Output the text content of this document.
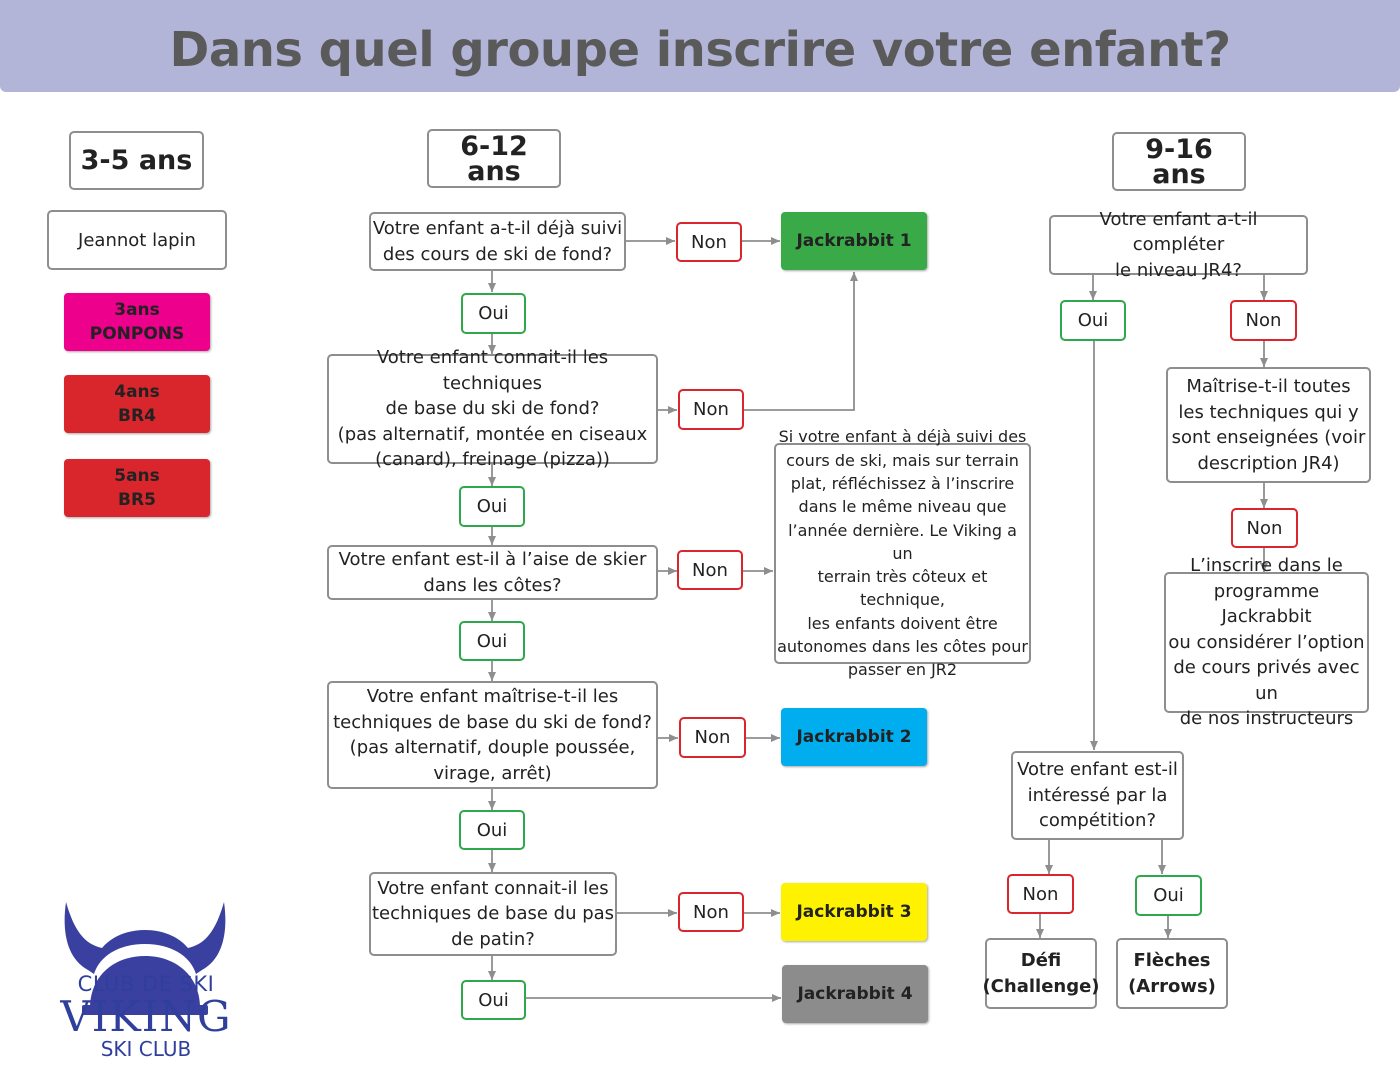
Dans quel groupe inscrire votre enfant?
3-5 ans
Jeannot lapin
3ans
PONPONS
4ans
BR4
5ans
BR5
6-12 ans
Votre enfant a-t-il déjà suivi
des cours de ski de fond?
Non	Jackrabbit 1
Oui
Votre enfant connait-il les techniques
de base du ski de fond?
(pas alternatif, montée en ciseaux
(canard), freinage (pizza))
Non
Oui
Votre enfant est-il à l’aise de skier
dans les côtes?
Non
Si votre enfant à déjà suivi des
cours de ski, mais sur terrain
plat, réfléchissez à l’inscrire
dans le même niveau que
l’année dernière. Le Viking a un
terrain très côteux et technique,
les enfants doivent être
autonomes dans les côtes pour
passer en JR2
Oui
Votre enfant maîtrise-t-il les
techniques de base du ski de fond?
(pas alternatif, douple poussée,
virage, arrêt)
Non	Jackrabbit 2
Oui
Votre enfant connait-il les
techniques de base du pas
de patin?
Non	Jackrabbit 3
Oui	Jackrabbit 4
9-16 ans
Votre enfant a-t-il compléter
le niveau JR4?
Oui	Non
Maîtrise-t-il toutes
les techniques qui y
sont enseignées (voir
description JR4)
Non
L’inscrire dans le
programme Jackrabbit
ou considérer l’option
de cours privés avec un
de nos instructeurs
Votre enfant est-il
intéressé par la
compétition?
Non	Oui
Défi
(Challenge)
Flèches
(Arrows)
CLUB DE SKI
VIKING
SKI CLUB
